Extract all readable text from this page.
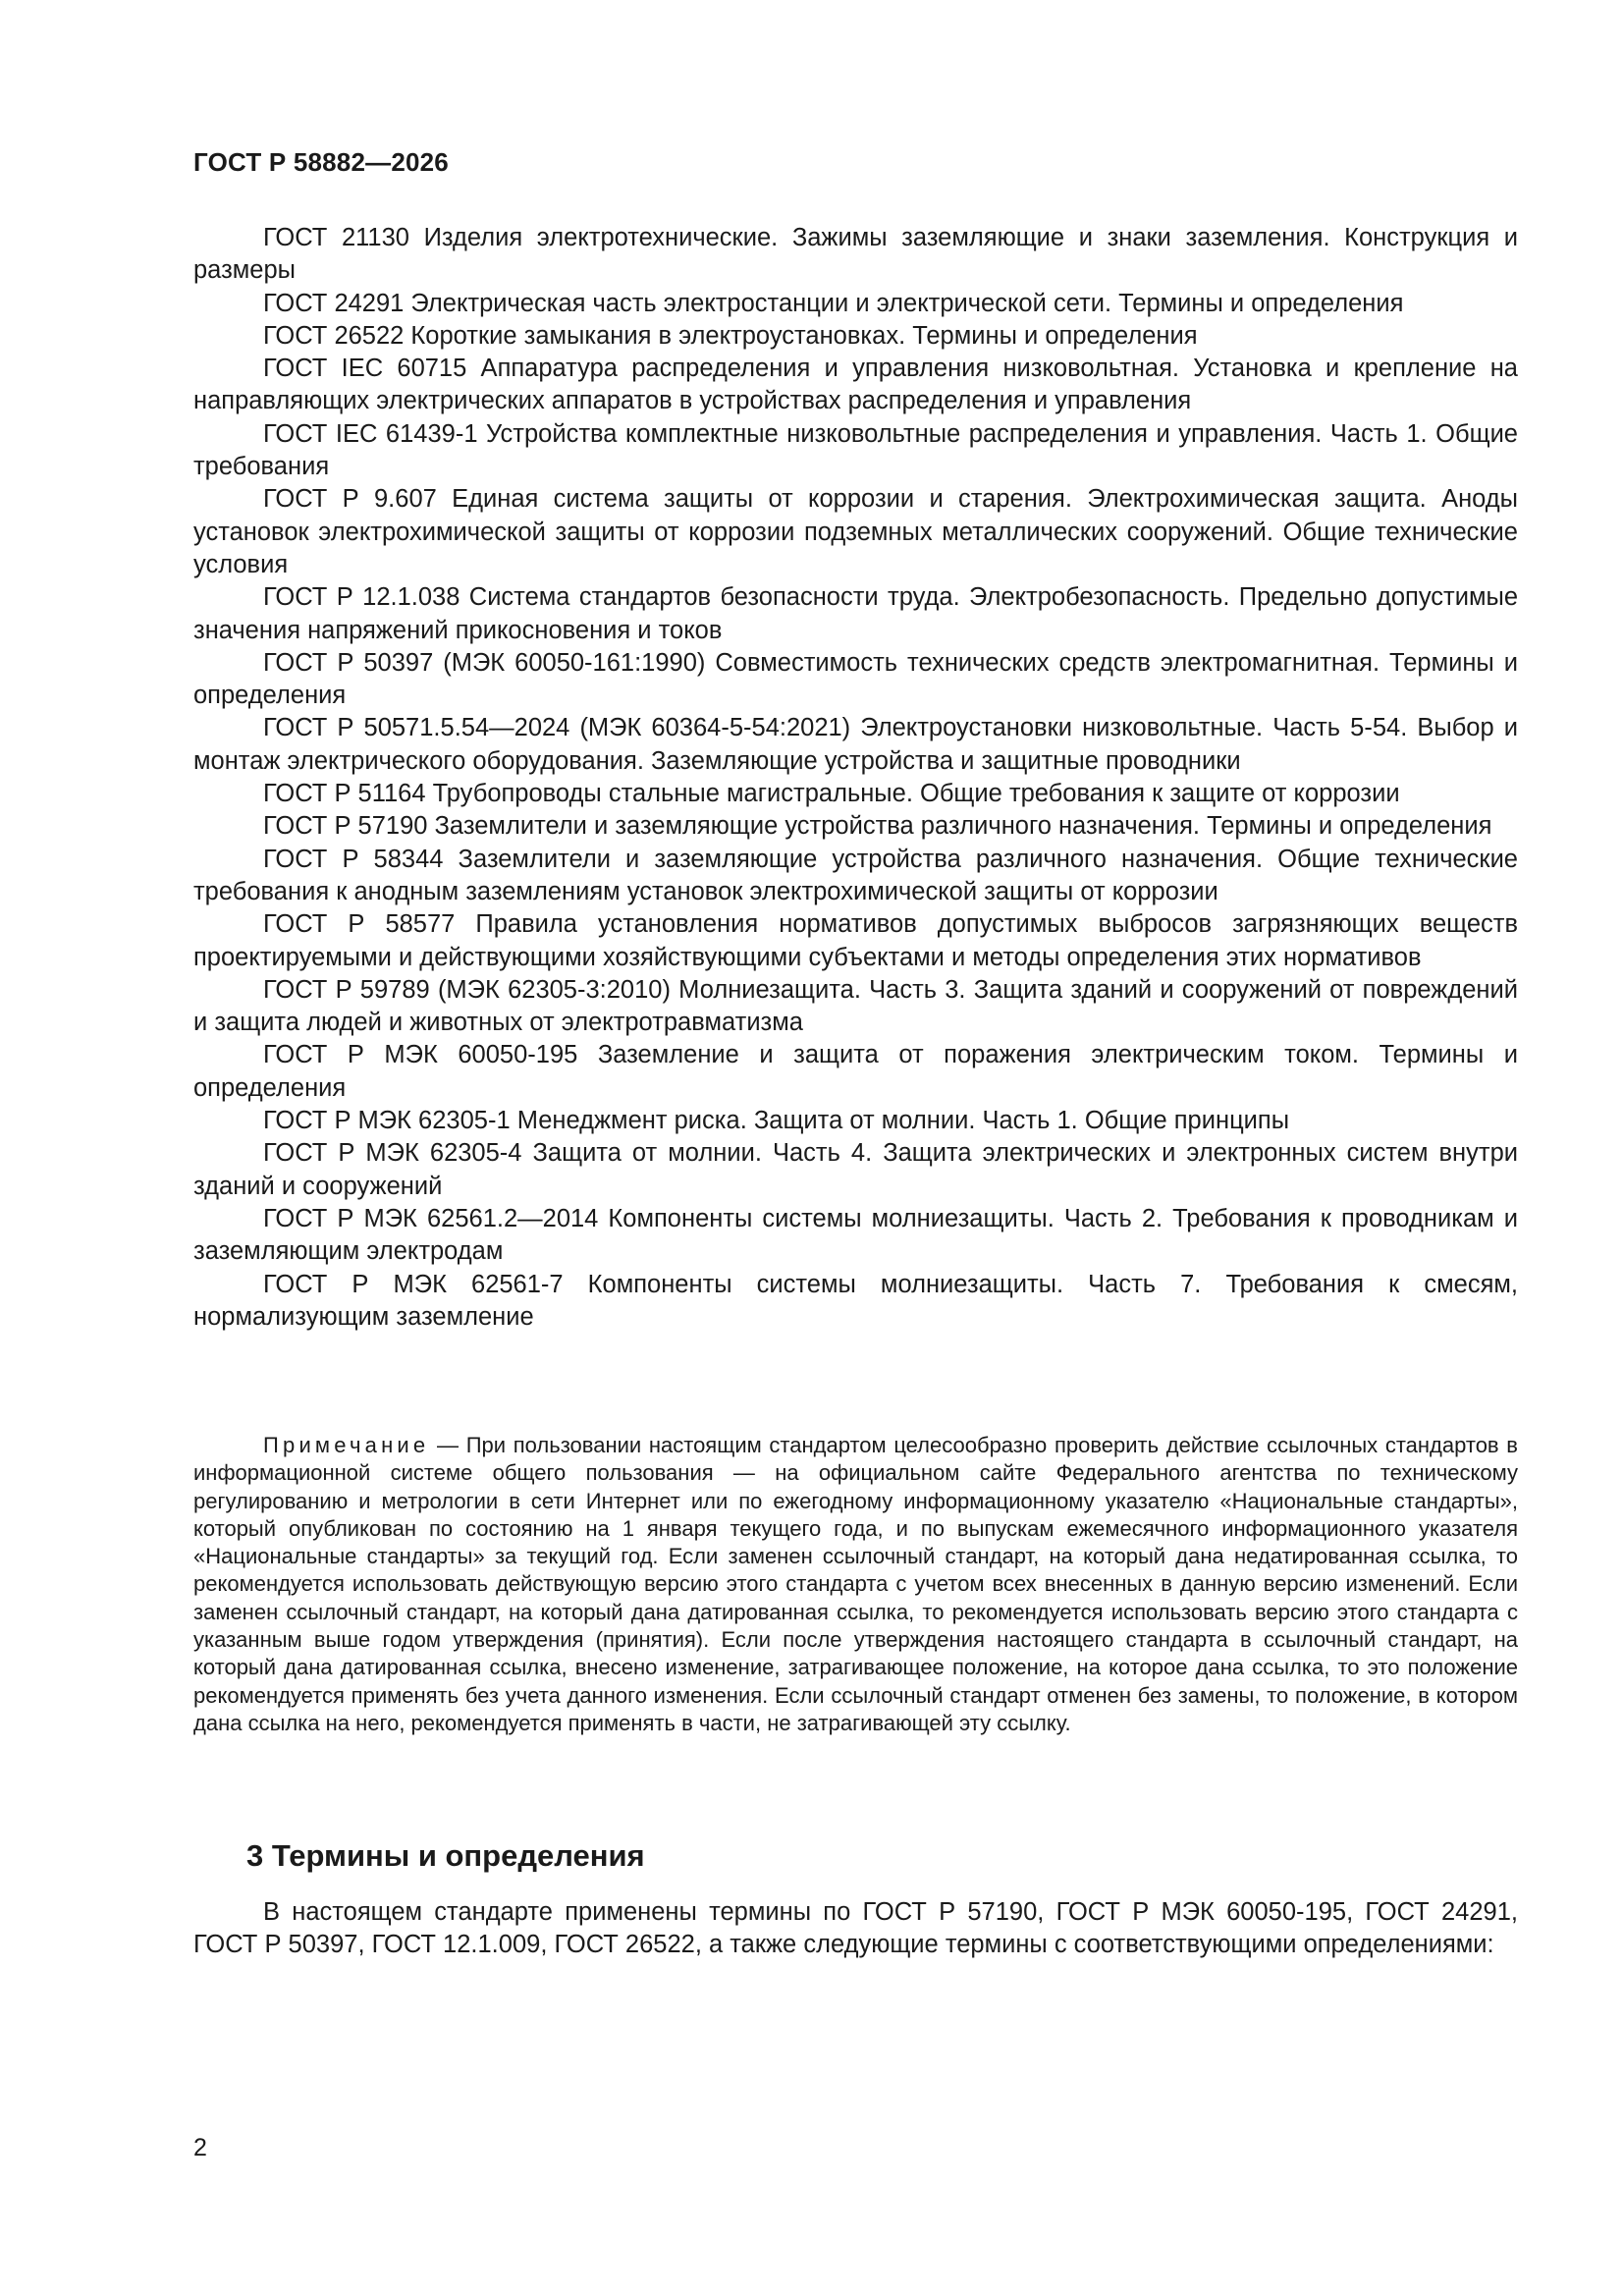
ГОСТ Р 58882—2026

ГОСТ 21130 Изделия электротехнические. Зажимы заземляющие и знаки заземления. Конструкция и размеры

ГОСТ 24291 Электрическая часть электростанции и электрической сети. Термины и определения

ГОСТ 26522 Короткие замыкания в электроустановках. Термины и определения

ГОСТ IEC 60715 Аппаратура распределения и управления низковольтная. Установка и крепление на направляющих электрических аппаратов в устройствах распределения и управления

ГОСТ IEC 61439-1 Устройства комплектные низковольтные распределения и управления. Часть 1. Общие требования

ГОСТ Р 9.607 Единая система защиты от коррозии и старения. Электрохимическая защита. Аноды установок электрохимической защиты от коррозии подземных металлических сооружений. Общие технические условия

ГОСТ Р 12.1.038 Система стандартов безопасности труда. Электробезопасность. Предельно допустимые значения напряжений прикосновения и токов

ГОСТ Р 50397 (МЭК 60050-161:1990) Совместимость технических средств электромагнитная. Термины и определения

ГОСТ Р 50571.5.54—2024 (МЭК 60364-5-54:2021) Электроустановки низковольтные. Часть 5-54. Выбор и монтаж электрического оборудования. Заземляющие устройства и защитные проводники

ГОСТ Р 51164 Трубопроводы стальные магистральные. Общие требования к защите от коррозии

ГОСТ Р 57190 Заземлители и заземляющие устройства различного назначения. Термины и определения

ГОСТ Р 58344 Заземлители и заземляющие устройства различного назначения. Общие технические требования к анодным заземлениям установок электрохимической защиты от коррозии

ГОСТ Р 58577 Правила установления нормативов допустимых выбросов загрязняющих веществ проектируемыми и действующими хозяйствующими субъектами и методы определения этих нормативов

ГОСТ Р 59789 (МЭК 62305-3:2010) Молниезащита. Часть 3. Защита зданий и сооружений от повреждений и защита людей и животных от электротравматизма

ГОСТ Р МЭК 60050-195 Заземление и защита от поражения электрическим током. Термины и определения

ГОСТ Р МЭК 62305-1 Менеджмент риска. Защита от молнии. Часть 1. Общие принципы

ГОСТ Р МЭК 62305-4 Защита от молнии. Часть 4. Защита электрических и электронных систем внутри зданий и сооружений

ГОСТ Р МЭК 62561.2—2014 Компоненты системы молниезащиты. Часть 2. Требования к проводникам и заземляющим электродам

ГОСТ Р МЭК 62561-7 Компоненты системы молниезащиты. Часть 7. Требования к смесям, нормализующим заземление

Примечание — При пользовании настоящим стандартом целесообразно проверить действие ссылочных стандартов в информационной системе общего пользования — на официальном сайте Федерального агентства по техническому регулированию и метрологии в сети Интернет или по ежегодному информационному указателю «Национальные стандарты», который опубликован по состоянию на 1 января текущего года, и по выпускам ежемесячного информационного указателя «Национальные стандарты» за текущий год. Если заменен ссылочный стандарт, на который дана недатированная ссылка, то рекомендуется использовать действующую версию этого стандарта с учетом всех внесенных в данную версию изменений. Если заменен ссылочный стандарт, на который дана датированная ссылка, то рекомендуется использовать версию этого стандарта с указанным выше годом утверждения (принятия). Если после утверждения настоящего стандарта в ссылочный стандарт, на который дана датированная ссылка, внесено изменение, затрагивающее положение, на которое дана ссылка, то это положение рекомендуется применять без учета данного изменения. Если ссылочный стандарт отменен без замены, то положение, в котором дана ссылка на него, рекомендуется применять в части, не затрагивающей эту ссылку.

3 Термины и определения

В настоящем стандарте применены термины по ГОСТ Р 57190, ГОСТ Р МЭК 60050-195, ГОСТ 24291, ГОСТ Р 50397, ГОСТ 12.1.009, ГОСТ 26522, а также следующие термины с соответствующими определениями:

2
